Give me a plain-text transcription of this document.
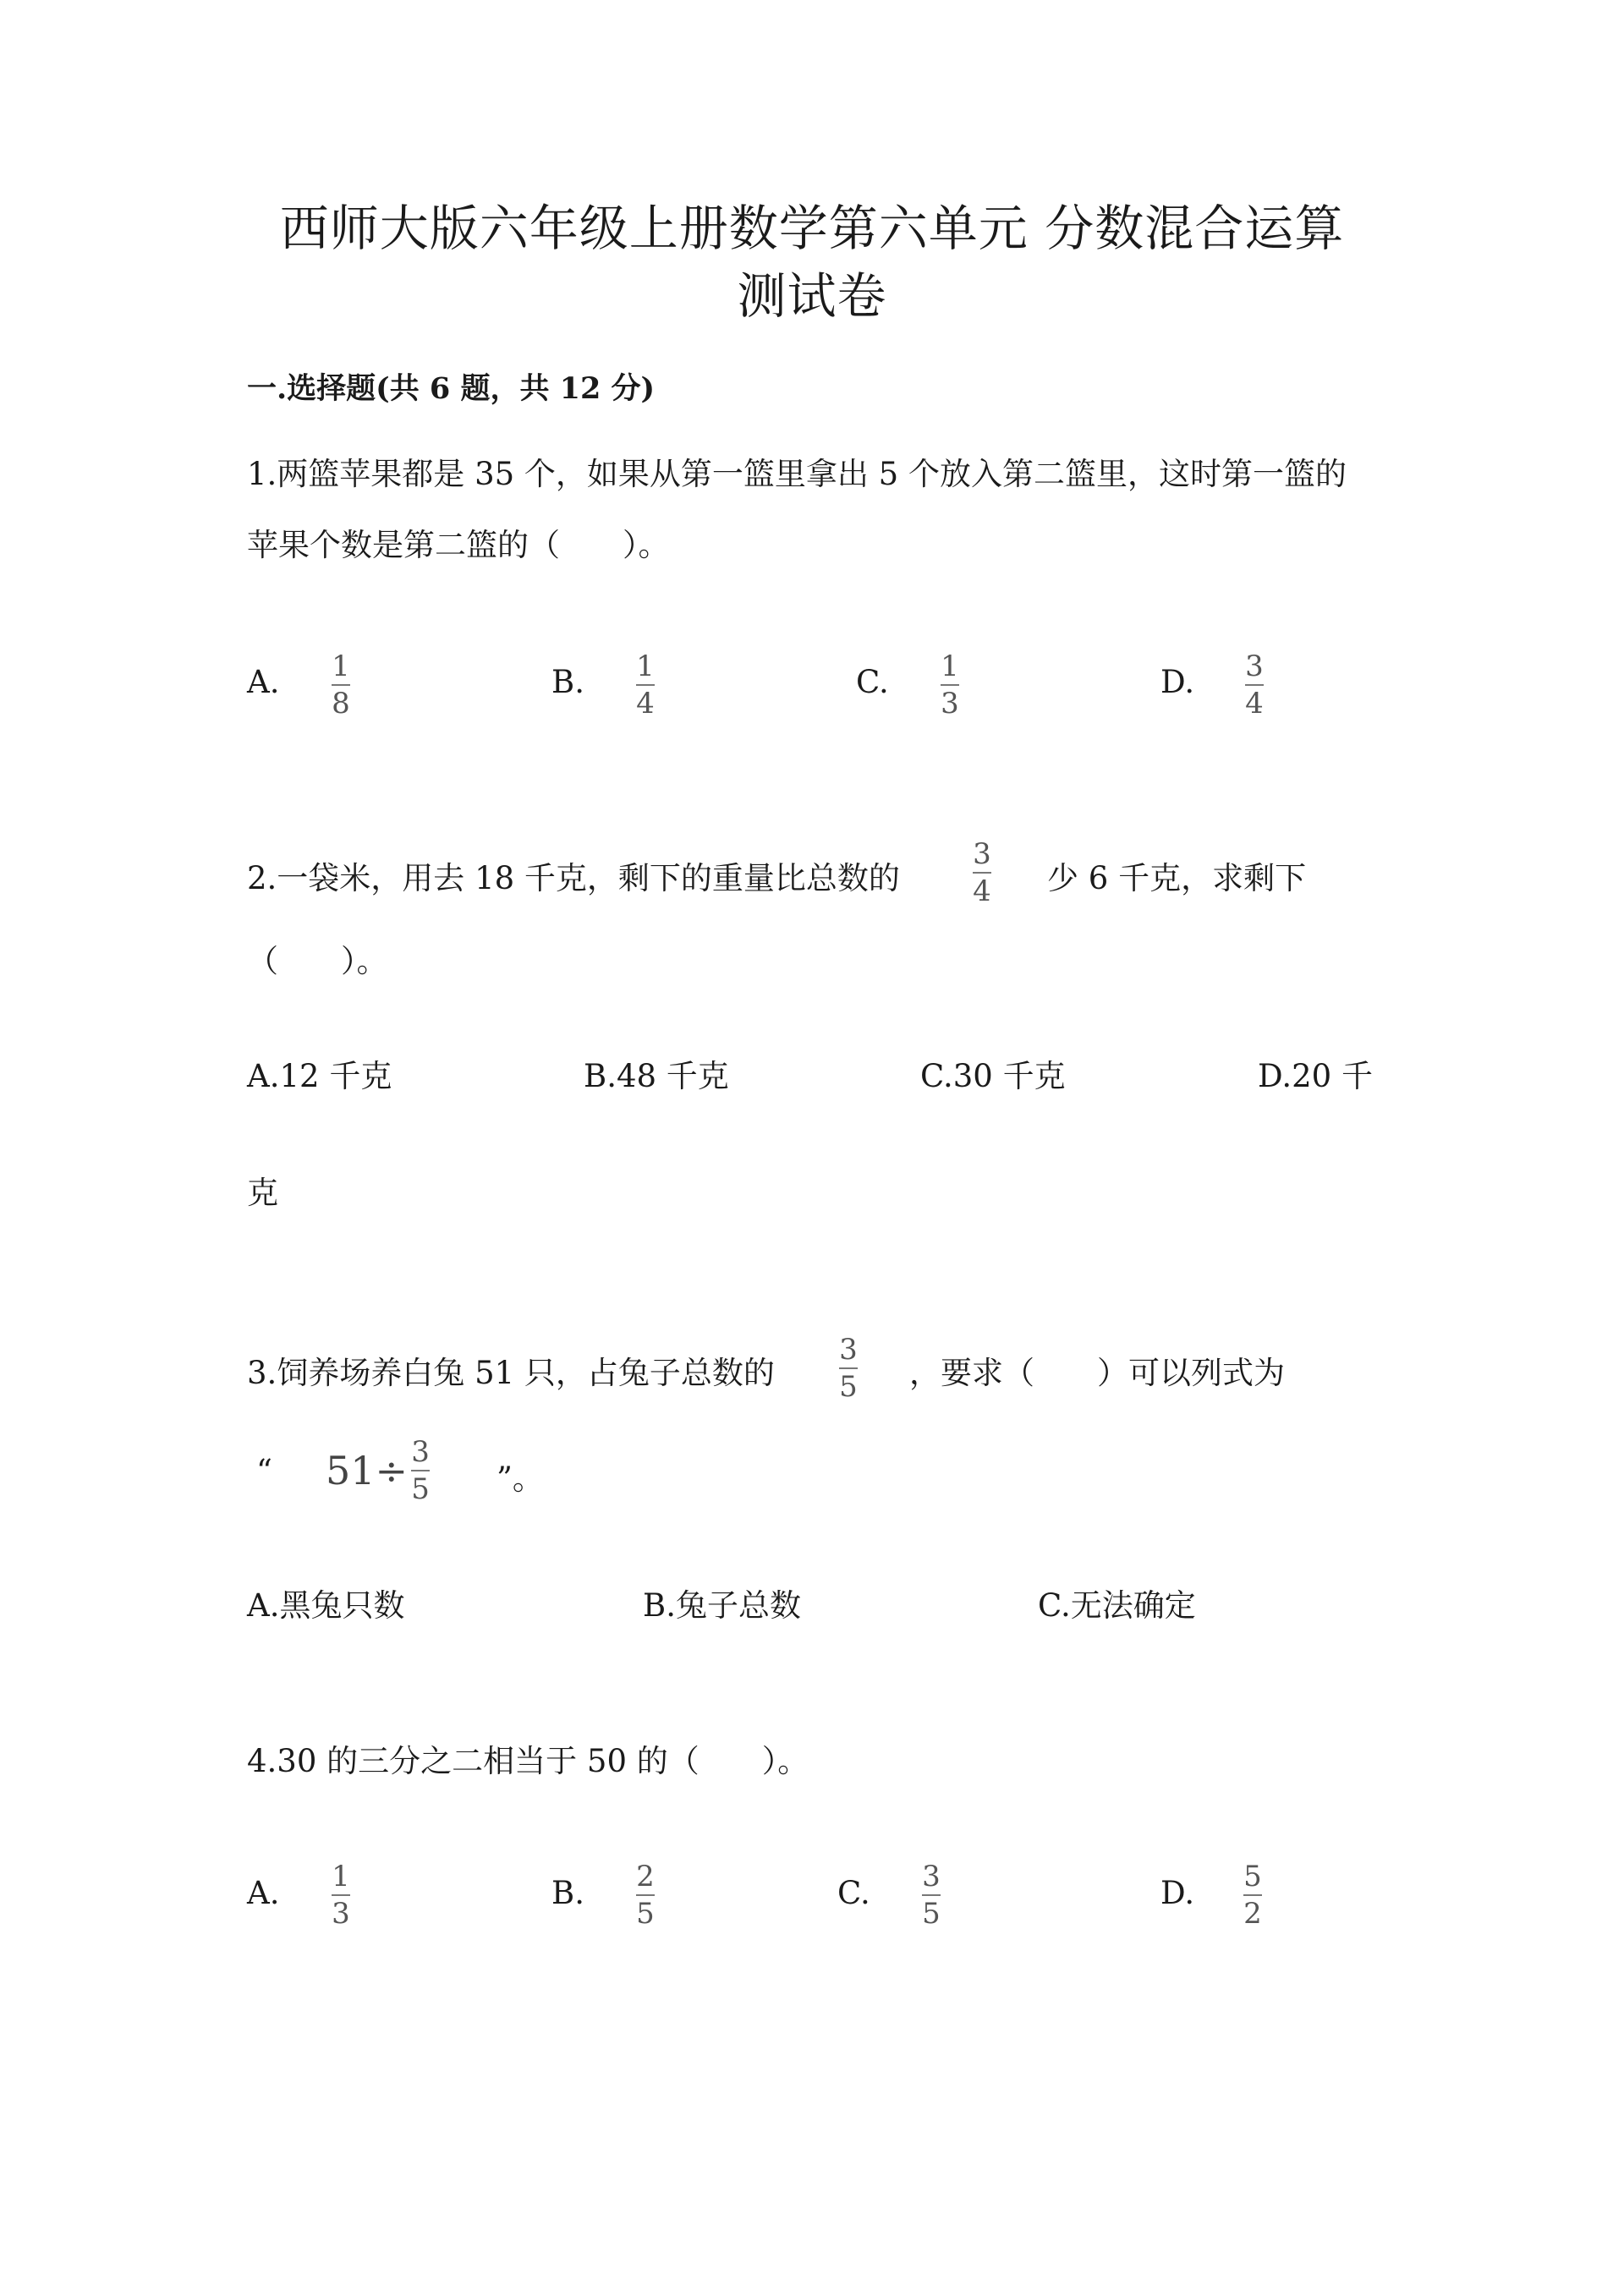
西师大版六年级上册数学第六单元 分数混合运算
测试卷
一.选择题(共 6 题，共 12 分)
1.两篮苹果都是 35 个，如果从第一篮里拿出 5 个放入第二篮里，这时第一篮的
苹果个数是第二篮的（　　）。
A. 1
8
B. 1
4
C. 1
3
D. 3
4
2.一袋米，用去 18 千克，剩下的重量比总数的
3
4 少 6 千克，求剩下
（　　）。
A.12 千克	B.48 千克	C.30 千克	D.20 千
克
3.饲养场养白兔 51 只，占兔子总数的
3
5 ，要求（　　）可以列式为
“ $51\div \frac{3}{5}$ ”。
A.黑兔只数	B.兔子总数	C.无法确定
4.30 的三分之二相当于 50 的（　　）。
A. 1
3
B. 2
5
C. 3
5
D. 5
2
